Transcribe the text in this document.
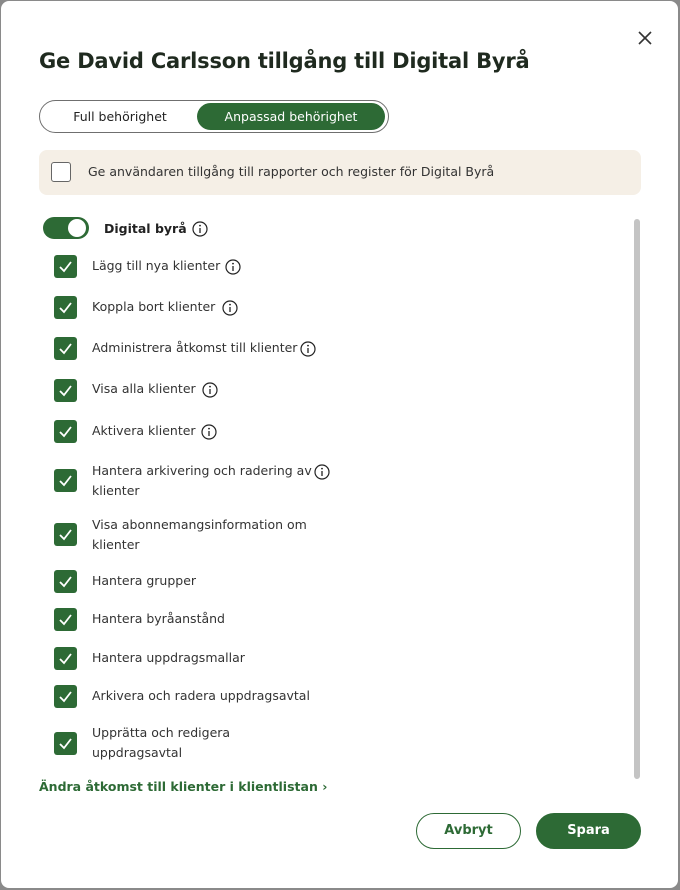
Ge David Carlsson tillgång till Digital Byrå
Full behörighet	Anpassad behörighet
Ge användaren tillgång till rapporter och register för Digital Byrå
Digital byrå
Lägg till nya klienter
Koppla bort klienter
Administrera åtkomst till klienter
Visa alla klienter
Aktivera klienter
Hantera arkivering och radering av
klienter
Visa abonnemangsinformation om
klienter
Hantera grupper
Hantera byråanstånd
Hantera uppdragsmallar
Arkivera och radera uppdragsavtal
Upprätta och redigera
uppdragsavtal
Ändra åtkomst till klienter i klientlistan ›
Avbryt	Spara
